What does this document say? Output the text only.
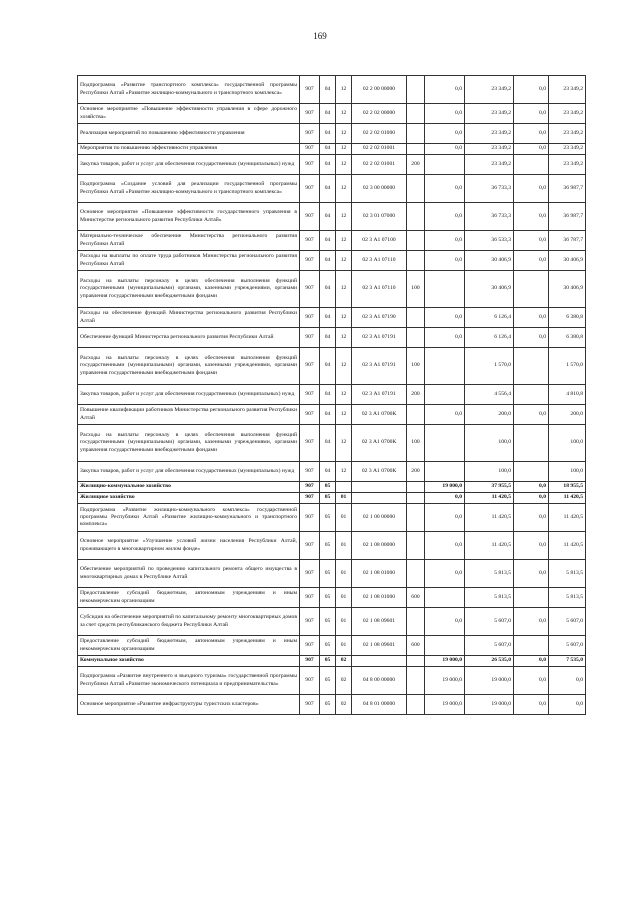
169
Подпрограмма «Развитие транспортного комплекса» государственной программы Республики Алтай «Развитие жилищно-коммунального и транспортного комплекса»	907	04	12	02 2 00 00000		0,0	23 349,2	0,0	23 349,2
Основное мероприятие «Повышение эффективности управления в сфере дорожного хозяйства»	907	04	12	02 2 02 00000		0,0	23 349,2	0,0	23 349,2
Реализация мероприятий по повышению эффективности управления	907	04	12	02 2 02 01000		0,0	23 349,2	0,0	23 349,2
Мероприятия по повышению эффективности управления	907	04	12	02 2 02 01001		0,0	23 349,2	0,0	23 349,2
Закупка товаров, работ и услуг для обеспечения государственных (муниципальных) нужд	907	04	12	02 2 02 01001	200		23 349,2		23 349,2
Подпрограмма «Создание условий для реализации государственной программы Республики Алтай «Развитие жилищно-коммунального и транспортного комплекса»	907	04	12	02 3 00 00000		0,0	36 733,3	0,0	36 987,7
Основное мероприятие «Повышение эффективности государственного управления в Министерстве регионального развития Республики Алтай»	907	04	12	02 3 01 07000		0,0	36 733,3	0,0	36 987,7
Материально-техническое обеспечение Министерства регионального развития Республики Алтай	907	04	12	02 3 А1 07100		0,0	36 533,3	0,0	36 787,7
Расходы на выплаты по оплате труда работников Министерства регионального развития Республики Алтай	907	04	12	02 3 А1 07110		0,0	30 406,9	0,0	30 406,9
Расходы на выплаты персоналу в целях обеспечения выполнения функций государственными (муниципальными) органами, казенными учреждениями, органами управления государственными внебюджетными фондами	907	04	12	02 3 А1 07110	100		30 406,9		30 406,9
Расходы на обеспечение функций Министерства регионального развития Республики Алтай	907	04	12	02 3 А1 07190		0,0	6 126,4	0,0	6 380,8
Обеспечение функций Министерства регионального развития Республики Алтай	907	04	12	02 3 А1 07191		0,0	6 126,4	0,0	6 380,8
Расходы на выплаты персоналу в целях обеспечения выполнения функций государственными (муниципальными) органами, казенными учреждениями, органами управления государственными внебюджетными фондами	907	04	12	02 3 А1 07191	100		1 570,0		1 570,0
Закупка товаров, работ и услуг для обеспечения государственных (муниципальных) нужд	907	04	12	02 3 А1 07191	200		4 556,4		4 810,8
Повышение квалификации работников Министерства регионального развития Республики Алтай	907	04	12	02 3 А1 0700К		0,0	200,0	0,0	200,0
Расходы на выплаты персоналу в целях обеспечения выполнения функций государственными (муниципальными) органами, казенными учреждениями, органами управления государственными внебюджетными фондами	907	04	12	02 3 А1 0700К	100		100,0		100,0
Закупка товаров, работ и услуг для обеспечения государственных (муниципальных) нужд	907	04	12	02 3 А1 0700К	200		100,0		100,0
Жилищно-коммунальное хозяйство	907	05				19 000,0	37 955,5	0,0	18 955,5
Жилищное хозяйство	907	05	01			0,0	11 420,5	0,0	11 420,5
Подпрограмма «Развитие жилищно-коммунального комплекса» государственной программы Республики Алтай «Развитие жилищно-коммунального и транспортного комплекса»	907	05	01	02 1 00 00000		0,0	11 420,5	0,0	11 420,5
Основное мероприятие «Улучшение условий жизни населения Республики Алтай, проживающего в многоквартирном жилом фонде»	907	05	01	02 1 08 00000		0,0	11 420,5	0,0	11 420,5
Обеспечение мероприятий по проведению капитального ремонта общего имущества в многоквартирных домах в Республике Алтай	907	05	01	02 1 08 01000		0,0	5 813,5	0,0	5 813,5
Предоставление субсидий бюджетным, автономным учреждениям и иным некоммерческим организациям	907	05	01	02 1 08 01000	600		5 813,5		5 813,5
Субсидия на обеспечение мероприятий по капитальному ремонту многоквартирных домов за счет средств республиканского бюджета Республики Алтай	907	05	01	02 1 08 09601		0,0	5 607,0	0,0	5 607,0
Предоставление субсидий бюджетным, автономным учреждениям и иным некоммерческим организациям	907	05	01	02 1 08 09601	600		5 607,0		5 607,0
Коммунальное хозяйство	907	05	02			19 000,0	26 535,0	0,0	7 535,0
Подпрограмма «Развитие внутреннего и въездного туризма» государственной программы Республики Алтай «Развитие экономического потенциала и предпринимательства»	907	05	02	04 8 00 00000		19 000,0	19 000,0	0,0	0,0
Основное мероприятие «Развитие инфраструктуры туристских кластеров»	907	05	02	04 8 01 00000		19 000,0	19 000,0	0,0	0,0
